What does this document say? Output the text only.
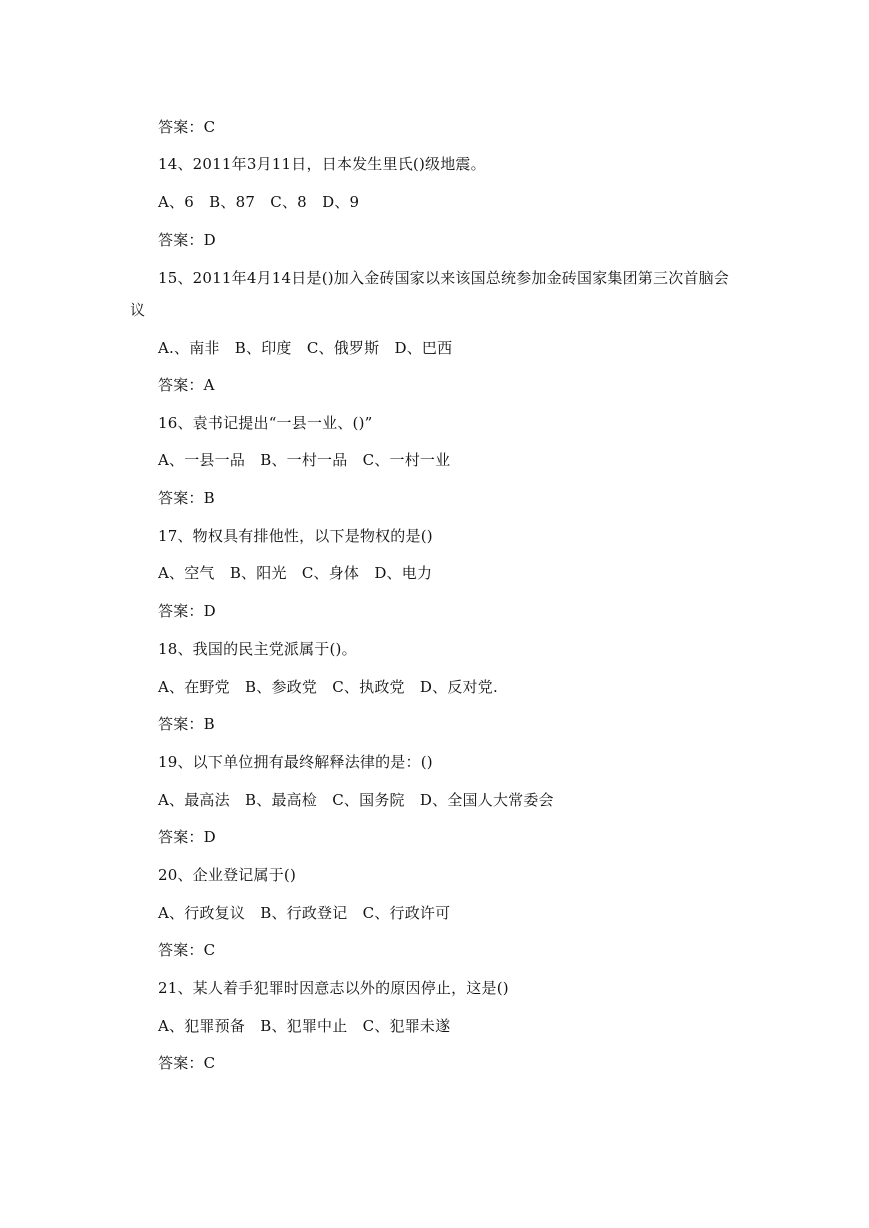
答案：C
14、2011年3月11日，日本发生里氏()级地震。
A、6　B、87　C、8　D、9
答案：D
15、2011年4月14日是()加入金砖国家以来该国总统参加金砖国家集团第三次首脑会
议
A.、南非　B、印度　C、俄罗斯　D、巴西
答案：A
16、袁书记提出“一县一业、()”
A、一县一品　B、一村一品　C、一村一业
答案：B
17、物权具有排他性，以下是物权的是()
A、空气　B、阳光　C、身体　D、电力
答案：D
18、我国的民主党派属于()。
A、在野党　B、参政党　C、执政党　D、反对党.
答案：B
19、以下单位拥有最终解释法律的是：()
A、最高法　B、最高检　C、国务院　D、全国人大常委会
答案：D
20、企业登记属于()
A、行政复议　B、行政登记　C、行政许可
答案：C
21、某人着手犯罪时因意志以外的原因停止，这是()
A、犯罪预备　B、犯罪中止　C、犯罪未遂
答案：C
